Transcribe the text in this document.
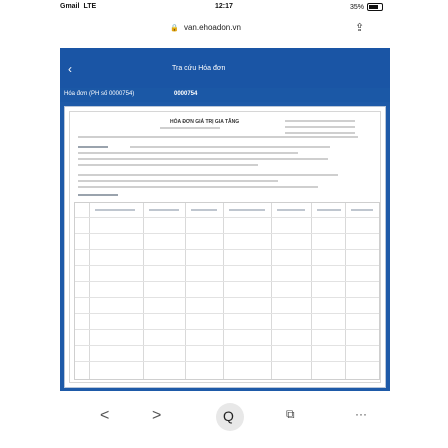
Gmail LTE	12:17	35%
🔒 van.ehoadon.vn	⇪
‹	Tra cứu Hóa đơn
Hóa đơn (PH số 0000754)	0000754
HÓA ĐƠN GIÁ TRỊ GIA TĂNG
<	>	Q	⧉	···
